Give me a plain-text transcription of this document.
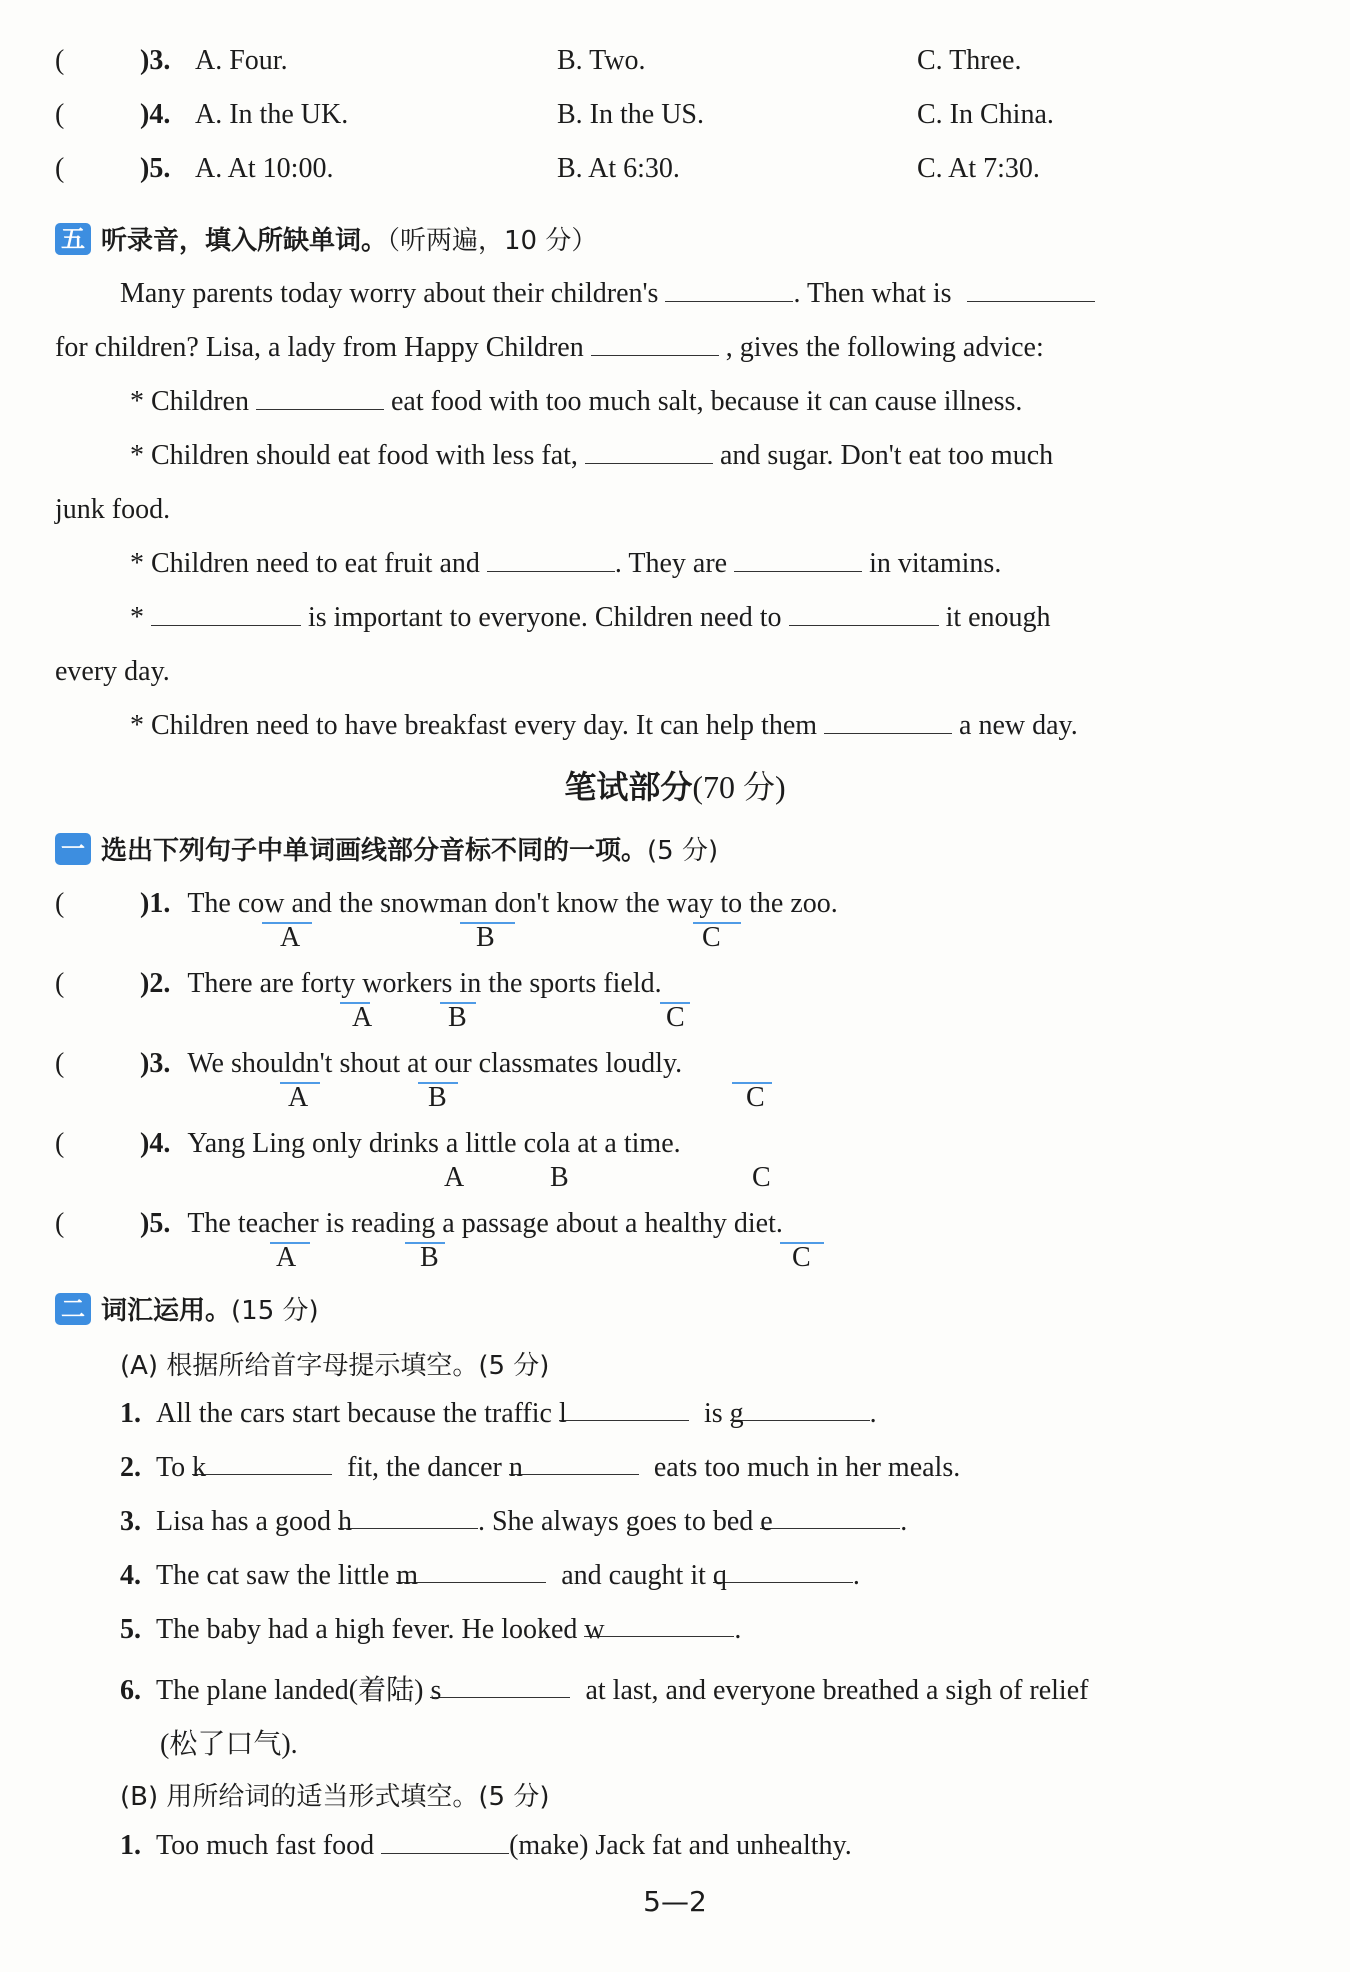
(	)3. A. Four.	B. Two.	C. Three.
(	)4. A. In the UK.	B. In the US.	C. In China.
(	)5. A. At 10:00.	B. At 6:30.	C. At 7:30.
五 听录音，填入所缺单词。（听两遍，10 分）
Many parents today worry about their children's	. Then what is
for children? Lisa, a lady from Happy Children	, gives the following advice:
* Children	eat food with too much salt, because it can cause illness.
* Children should eat food with less fat,	and sugar. Don't eat too much
junk food.
* Children need to eat fruit and	. They are	in vitamins.
*	is important to everyone. Children need to	it enough
every day.
* Children need to have breakfast every day. It can help them	a new day.
笔试部分(70 分)
一 选出下列句子中单词画线部分音标不同的一项。(5 分)
(	)1. The cow and the snowman don't know the way to the zoo.
A	B	C
(	)2. There are forty workers in the sports field.
A	B	C
(	)3. We shouldn't shout at our classmates loudly.
A	B	C
(	)4. Yang Ling only drinks a little cola at a time.
A	B	C
(	)5. The teacher is reading a passage about a healthy diet.
A	B	C
二 词汇运用。(15 分)
(A) 根据所给首字母提示填空。(5 分)
1. All the cars start because the traffic l	is g	.
2. To k	fit, the dancer n	eats too much in her meals.
3. Lisa has a good h	. She always goes to bed e	.
4. The cat saw the little m	and caught it q	.
5. The baby had a high fever. He looked w	.
6. The plane landed(着陆) s	at last, and everyone breathed a sigh of relief
(松了口气).
(B) 用所给词的适当形式填空。(5 分)
1. Too much fast food	(make) Jack fat and unhealthy.
5—2
